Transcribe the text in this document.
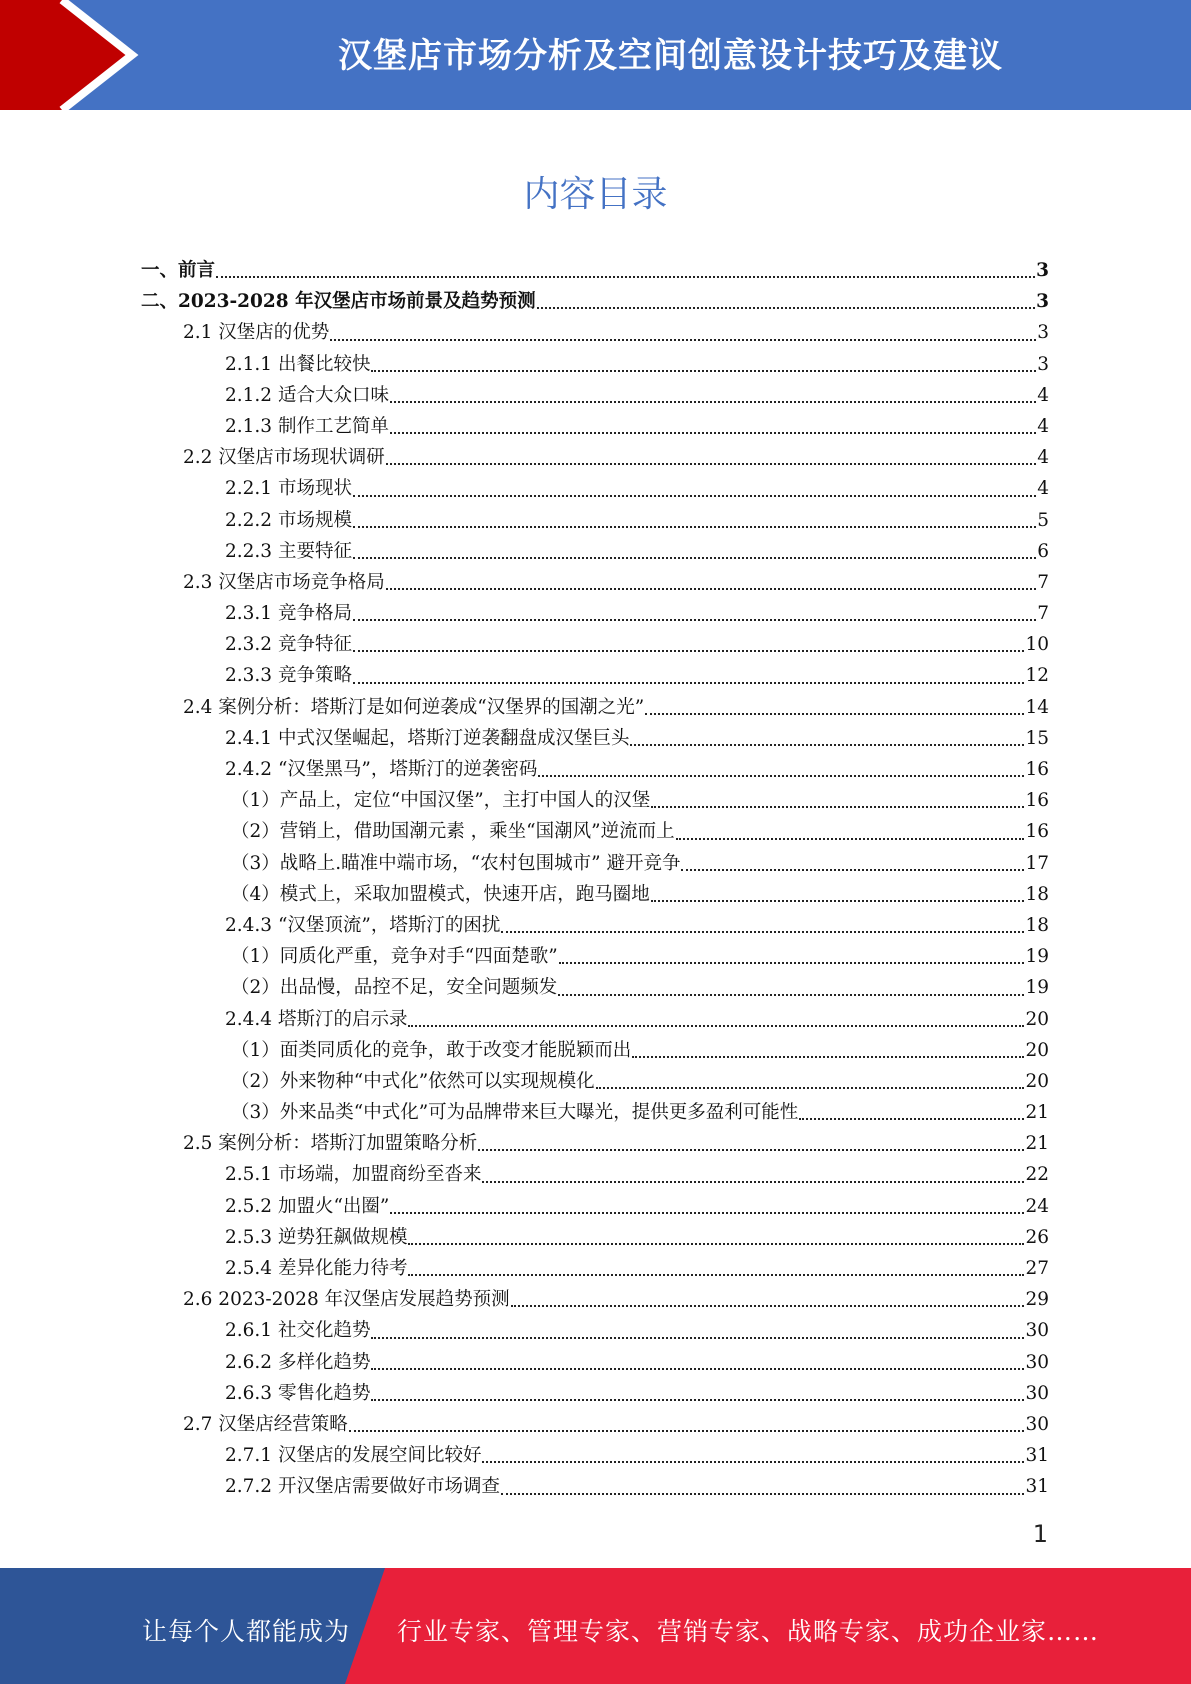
汉堡店市场分析及空间创意设计技巧及建议
内容目录
一、前言	3
二、2023-2028 年汉堡店市场前景及趋势预测	3
2.1 汉堡店的优势	3
2.1.1 出餐比较快	3
2.1.2 适合大众口味	4
2.1.3 制作工艺简单	4
2.2 汉堡店市场现状调研	4
2.2.1 市场现状	4
2.2.2 市场规模	5
2.2.3 主要特征	6
2.3 汉堡店市场竞争格局	7
2.3.1 竞争格局	7
2.3.2 竞争特征	10
2.3.3 竞争策略	12
2.4 案例分析：塔斯汀是如何逆袭成“汉堡界的国潮之光”	14
2.4.1 中式汉堡崛起，塔斯汀逆袭翻盘成汉堡巨头	15
2.4.2 “汉堡黑马”，塔斯汀的逆袭密码	16
（1）产品上，定位“中国汉堡”，主打中国人的汉堡	16
（2）营销上，借助国潮元素 ，乘坐“国潮风”逆流而上	16
（3）战略上.瞄准中端市场，“农村包围城市” 避开竞争	17
（4）模式上，采取加盟模式，快速开店，跑马圈地	18
2.4.3 “汉堡顶流”，塔斯汀的困扰	18
（1）同质化严重，竞争对手“四面楚歌”	19
（2）出品慢，品控不足，安全问题频发	19
2.4.4 塔斯汀的启示录	20
（1）面类同质化的竞争，敢于改变才能脱颖而出	20
（2）外来物种“中式化”依然可以实现规模化	20
（3）外来品类“中式化”可为品牌带来巨大曝光，提供更多盈利可能性	21
2.5 案例分析：塔斯汀加盟策略分析	21
2.5.1 市场端，加盟商纷至沓来	22
2.5.2 加盟火“出圈”	24
2.5.3 逆势狂飙做规模	26
2.5.4 差异化能力待考	27
2.6 2023-2028 年汉堡店发展趋势预测	29
2.6.1 社交化趋势	30
2.6.2 多样化趋势	30
2.6.3 零售化趋势	30
2.7 汉堡店经营策略	30
2.7.1 汉堡店的发展空间比较好	31
2.7.2 开汉堡店需要做好市场调查	31
1
让每个人都能成为 行业专家、管理专家、营销专家、战略专家、成功企业家……
